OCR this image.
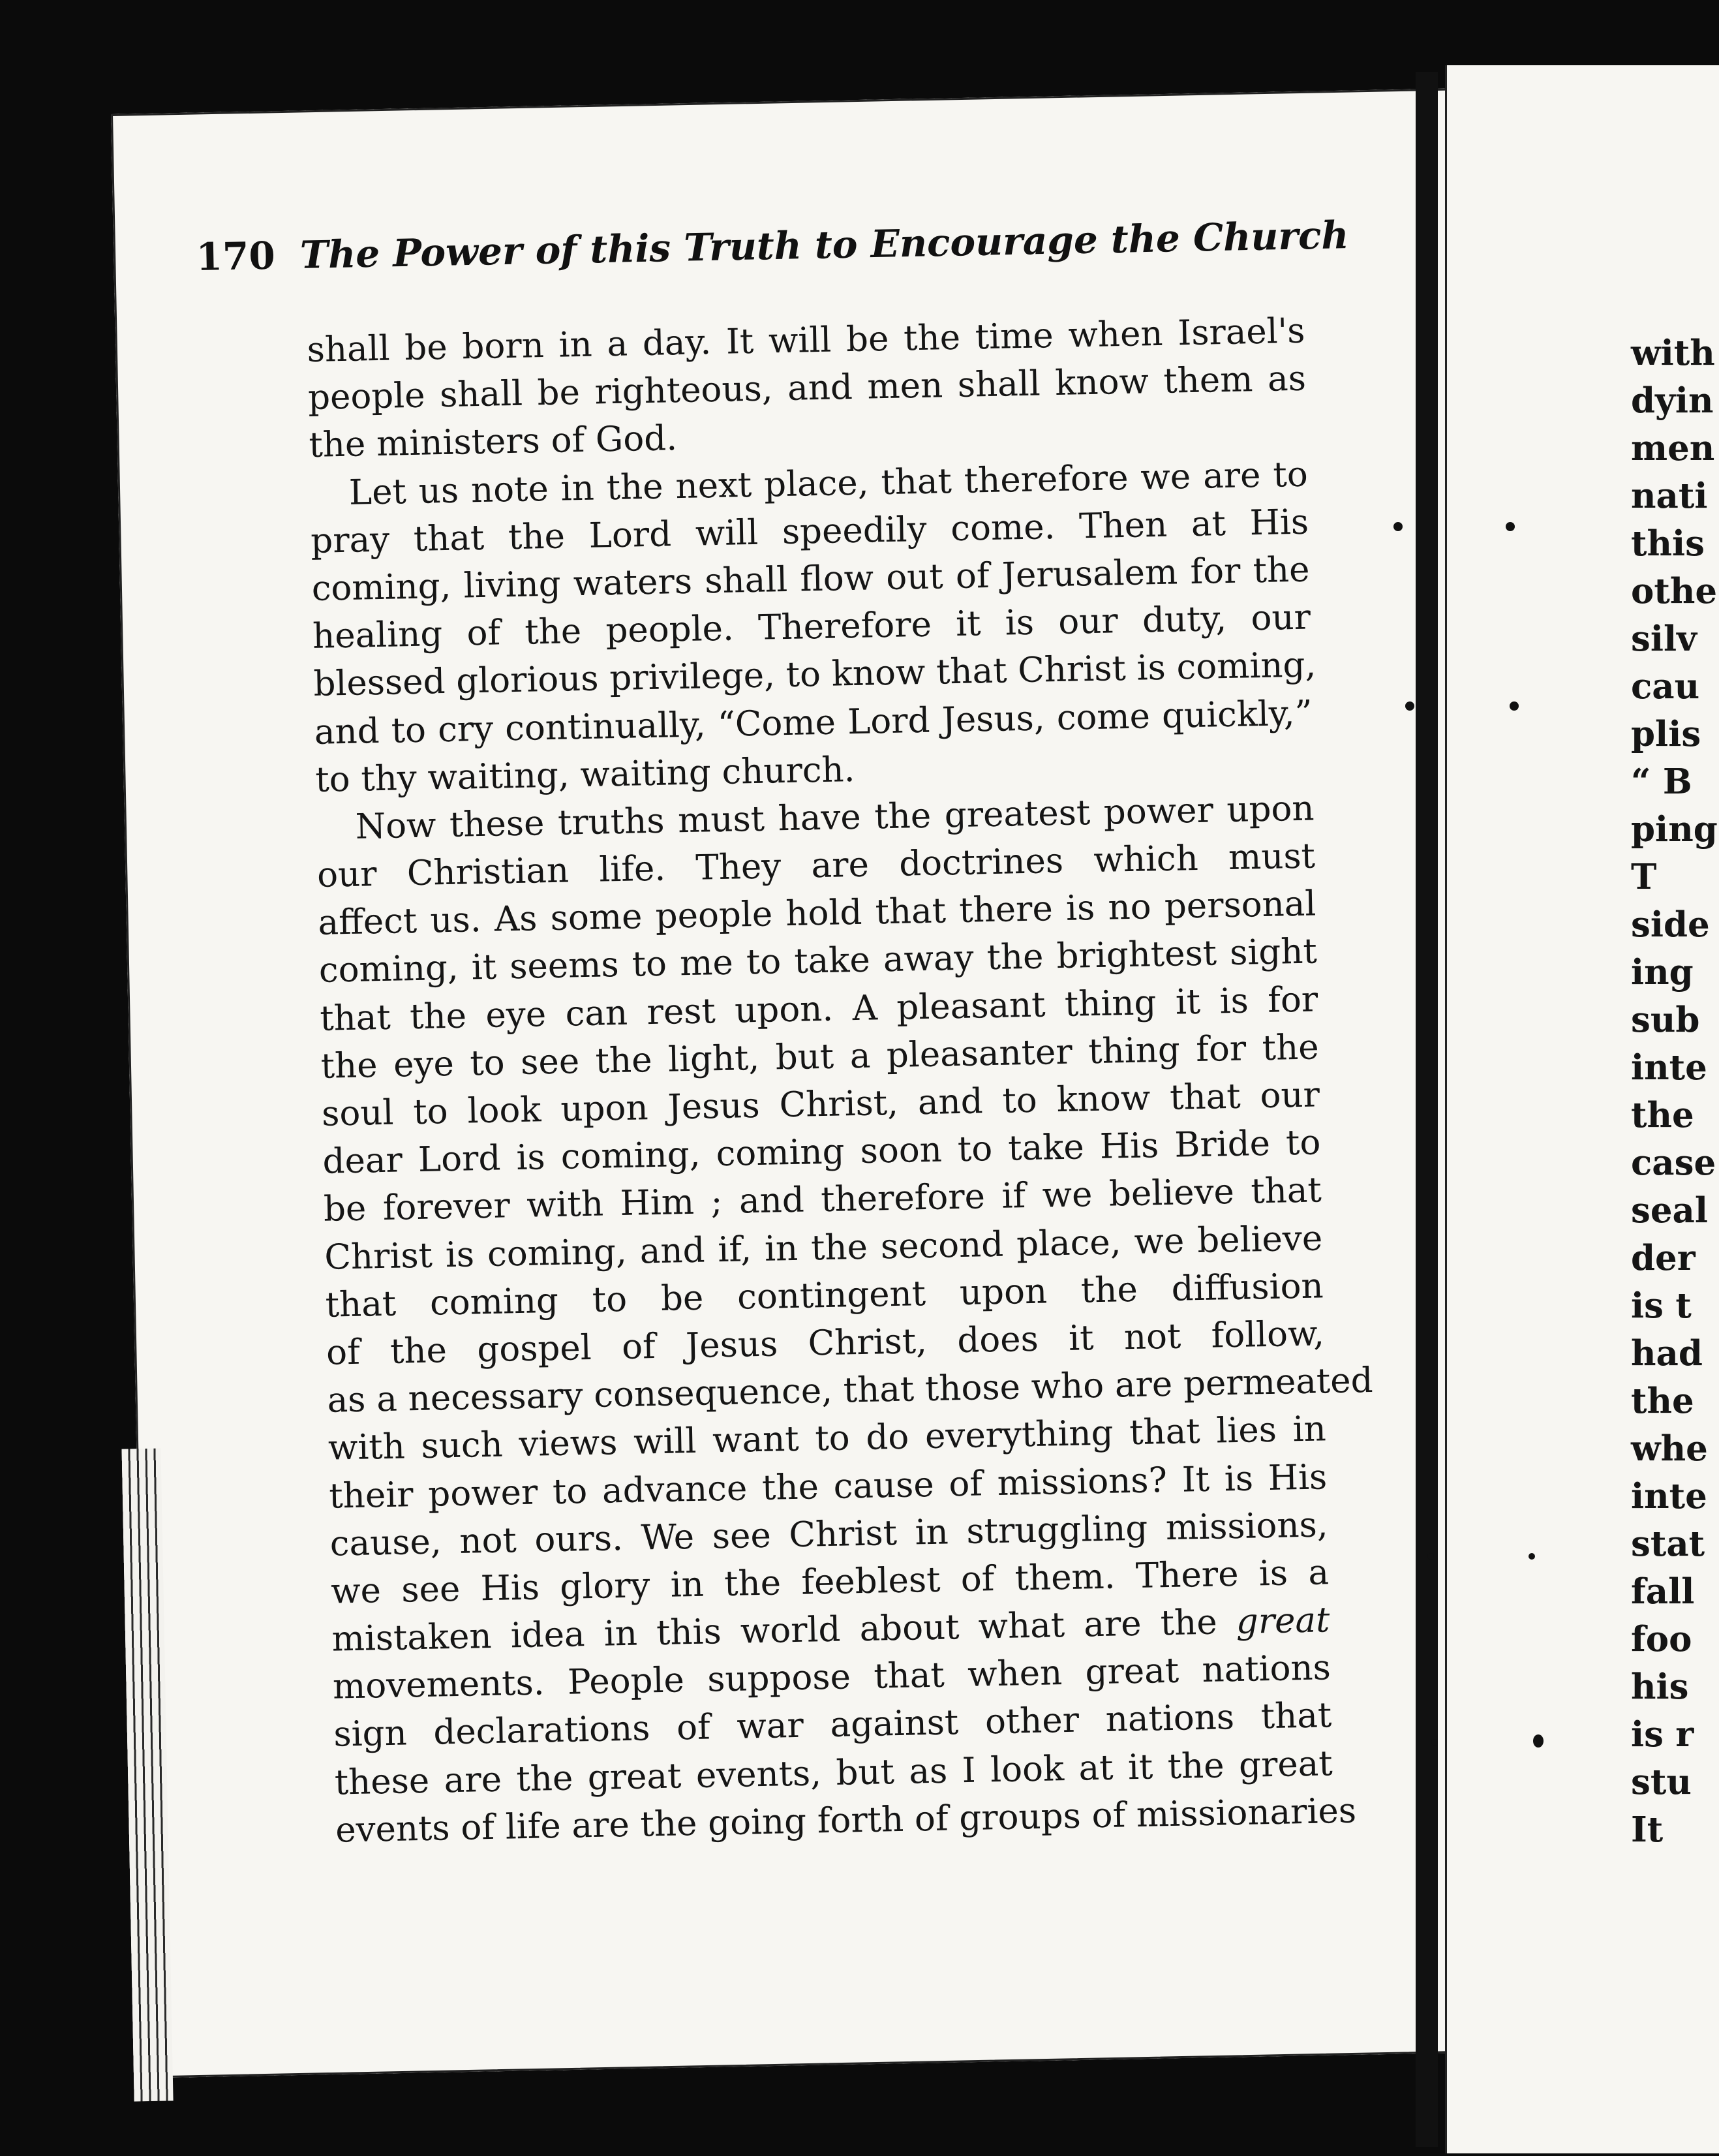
170 The Power of this Truth to Encourage the Church
shall be born in a day. It will be the time when Israel's
people shall be righteous, and men shall know them as
the ministers of God.
Let us note in the next place, that therefore we are to
pray that the Lord will speedily come. Then at His
coming, living waters shall flow out of Jerusalem for the
healing of the people. Therefore it is our duty, our
blessed glorious privilege, to know that Christ is coming,
and to cry continually, “Come Lord Jesus, come quickly,”
to thy waiting, waiting church.
Now these truths must have the greatest power upon
our Christian life. They are doctrines which must
affect us. As some people hold that there is no personal
coming, it seems to me to take away the brightest sight
that the eye can rest upon. A pleasant thing it is for
the eye to see the light, but a pleasanter thing for the
soul to look upon Jesus Christ, and to know that our
dear Lord is coming, coming soon to take His Bride to
be forever with Him ; and therefore if we believe that
Christ is coming, and if, in the second place, we believe
that coming to be contingent upon the diffusion
of the gospel of Jesus Christ, does it not follow,
as a necessary consequence, that those who are permeated
with such views will want to do everything that lies in
their power to advance the cause of missions? It is His
cause, not ours. We see Christ in struggling missions,
we see His glory in the feeblest of them. There is a
mistaken idea in this world about what are the great
movements. People suppose that when great nations
sign declarations of war against other nations that
these are the great events, but as I look at it the great
events of life are the going forth of groups of missionaries
with
dyin
men
nati
this
othe
silv
cau
plis
“ B
ping
T
side
ing
sub
inte
the
case
seal
der
is t
had
the
whe
inte
stat
fall
foo
his
is r
stu
It
